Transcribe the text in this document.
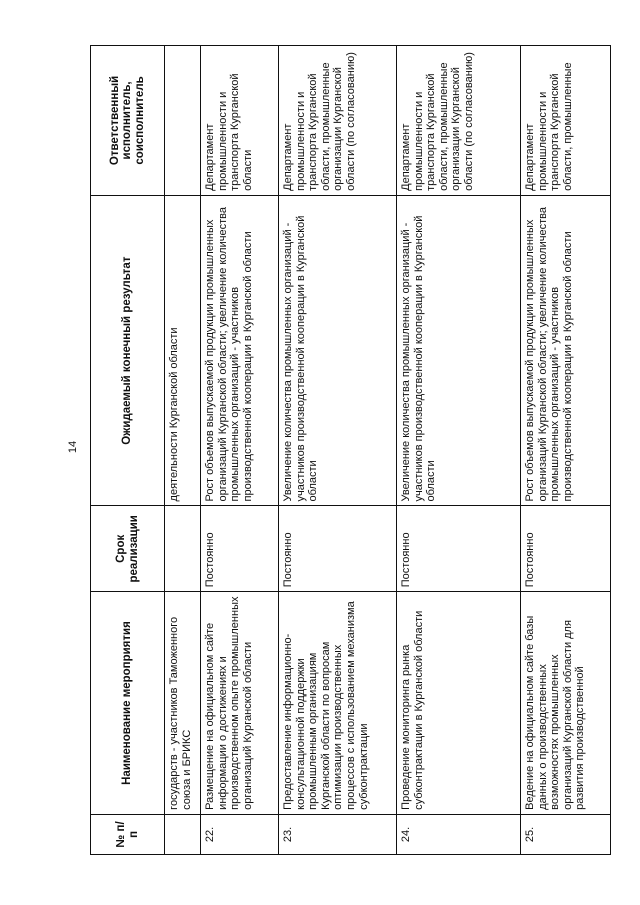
14
№ п/п	Наименование мероприятия	Срок реализации	Ожидаемый конечный результат	Ответственный исполнитель, соисполнитель
	государств - участников Таможенного союза и БРИКС		деятельности Курганской области	
22.	Размещение на официальном сайте информации о достижениях и производственном опыте промышленных организаций Курганской области	Постоянно	Рост объемов выпускаемой продукции промышленных организаций Курганской области; увеличение количества промышленных организаций - участников производственной кооперации в Курганской области	Департамент промышленности и транспорта Курганской области
23.	Предоставление информационно-консультационной поддержки промышленным организациям Курганской области по вопросам оптимизации производственных процессов с использованием механизма субконтрактации	Постоянно	Увеличение количества промышленных организаций - участников производственной кооперации в Курганской области	Департамент промышленности и транспорта Курганской области, промышленные организации Курганской области (по согласованию)
24.	Проведение мониторинга рынка субконтрактации в Курганской области	Постоянно	Увеличение количества промышленных организаций - участников производственной кооперации в Курганской области	Департамент промышленности и транспорта Курганской области, промышленные организации Курганской области (по согласованию)
25.	Ведение на официальном сайте базы данных о производственных возможностях промышленных организаций Курганской области для развития производственной	Постоянно	Рост объемов выпускаемой продукции промышленных организаций Курганской области; увеличение количества промышленных организаций - участников производственной кооперации в Курганской области	Департамент промышленности и транспорта Курганской области, промышленные
